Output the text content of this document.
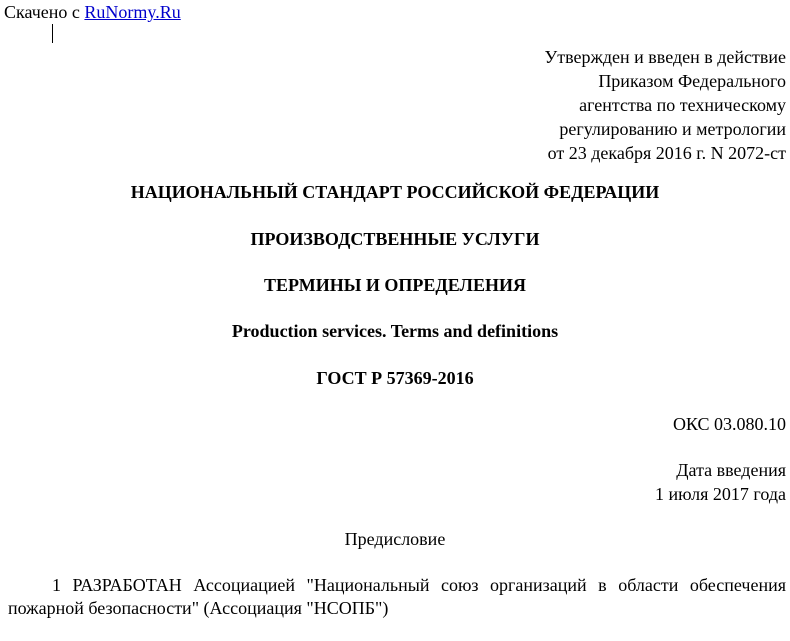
Скачено с RuNormy.Ru
Утвержден и введен в действие
Приказом Федерального
агентства по техническому
регулированию и метрологии
от 23 декабря 2016 г. N 2072-ст
НАЦИОНАЛЬНЫЙ СТАНДАРТ РОССИЙСКОЙ ФЕДЕРАЦИИ
ПРОИЗВОДСТВЕННЫЕ УСЛУГИ
ТЕРМИНЫ И ОПРЕДЕЛЕНИЯ
Production services. Terms and definitions
ГОСТ Р 57369-2016
ОКС 03.080.10
Дата введения
1 июля 2017 года
Предисловие
1 РАЗРАБОТАН Ассоциацией "Национальный союз организаций в области обеспечения пожарной безопасности" (Ассоциация "НСОПБ")
